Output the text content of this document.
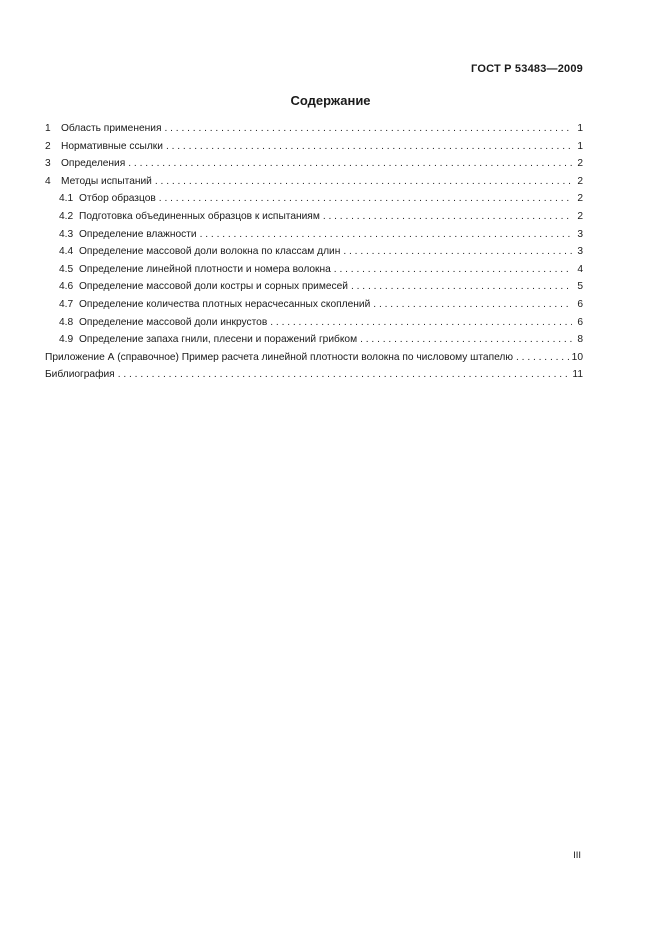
ГОСТ Р 53483—2009
Содержание
1	Область применения . . .	1
2	Нормативные ссылки . . .	1
3	Определения . . .	2
4	Методы испытаний . . .	2
4.1 Отбор образцов . . .	2
4.2 Подготовка объединенных образцов к испытаниям . . .	2
4.3 Определение влажности . . .	3
4.4 Определение массовой доли волокна по классам длин . . .	3
4.5 Определение линейной плотности и номера волокна . . .	4
4.6 Определение массовой доли костры и сорных примесей . . .	5
4.7 Определение количества плотных нерасчесанных скоплений . . .	6
4.8 Определение массовой доли инкрустов . . .	6
4.9 Определение запаха гнили, плесени и поражений грибком . . .	8
Приложение А (справочное) Пример расчета линейной плотности волокна по числовому штапелю . . .	10
Библиография . . .	11
III
